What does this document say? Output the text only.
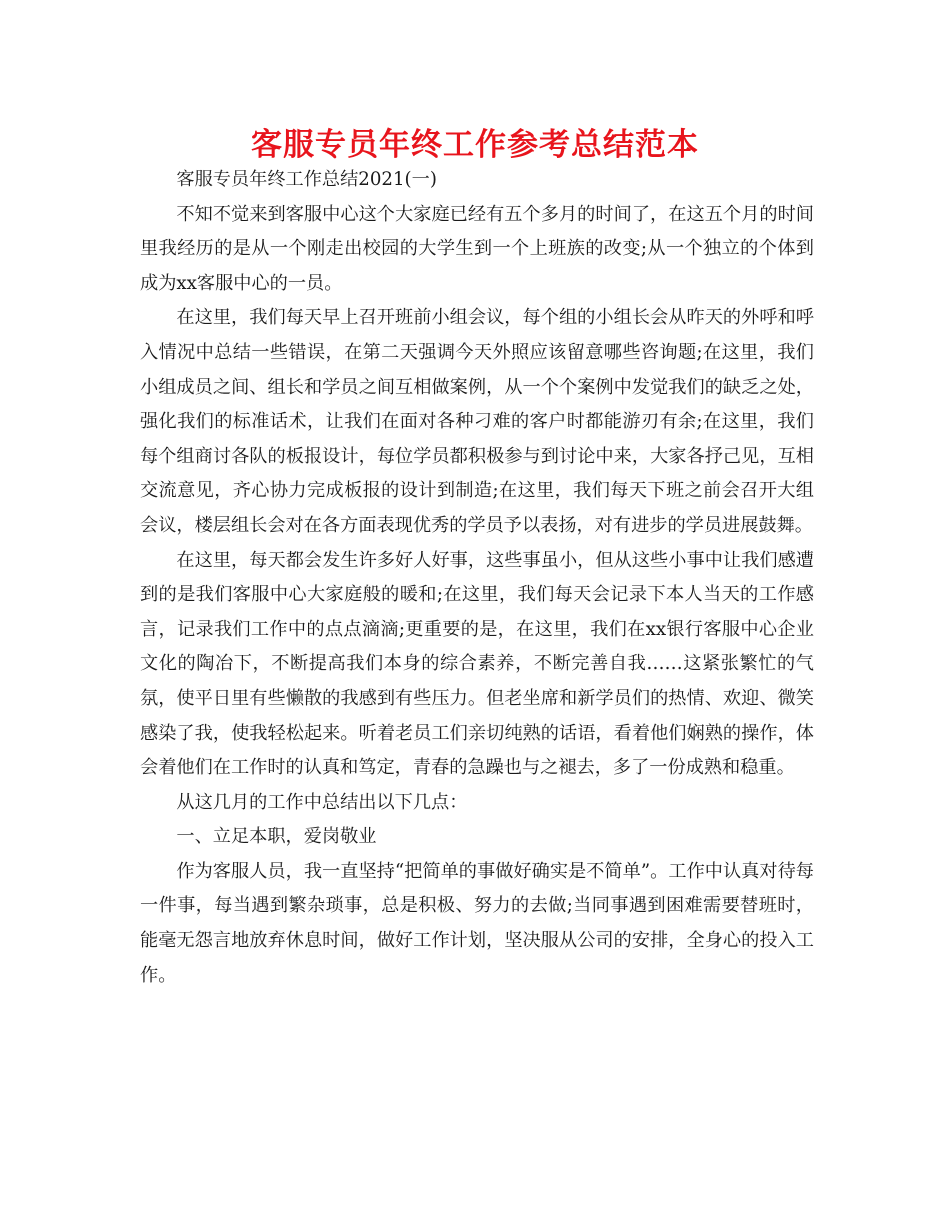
客服专员年终工作参考总结范本

客服专员年终工作总结2021(一)

不知不觉来到客服中心这个大家庭已经有五个多月的时间了，在这五个月的时间里我经历的是从一个刚走出校园的大学生到一个上班族的改变;从一个独立的个体到成为xx客服中心的一员。

在这里，我们每天早上召开班前小组会议，每个组的小组长会从昨天的外呼和呼入情况中总结一些错误，在第二天强调今天外照应该留意哪些咨询题;在这里，我们小组成员之间、组长和学员之间互相做案例，从一个个案例中发觉我们的缺乏之处，强化我们的标准话术，让我们在面对各种刁难的客户时都能游刃有余;在这里，我们每个组商讨各队的板报设计，每位学员都积极参与到讨论中来，大家各抒己见，互相交流意见，齐心协力完成板报的设计到制造;在这里，我们每天下班之前会召开大组会议，楼层组长会对在各方面表现优秀的学员予以表扬，对有进步的学员进展鼓舞。

在这里，每天都会发生许多好人好事，这些事虽小，但从这些小事中让我们感遭到的是我们客服中心大家庭般的暖和;在这里，我们每天会记录下本人当天的工作感言，记录我们工作中的点点滴滴;更重要的是，在这里，我们在xx银行客服中心企业文化的陶冶下，不断提高我们本身的综合素养，不断完善自我……这紧张繁忙的气氛，使平日里有些懒散的我感到有些压力。但老坐席和新学员们的热情、欢迎、微笑感染了我，使我轻松起来。听着老员工们亲切纯熟的话语，看着他们娴熟的操作，体会着他们在工作时的认真和笃定，青春的急躁也与之褪去，多了一份成熟和稳重。

从这几月的工作中总结出以下几点：

一、立足本职，爱岗敬业

作为客服人员，我一直坚持“把简单的事做好确实是不简单”。工作中认真对待每一件事，每当遇到繁杂琐事，总是积极、努力的去做;当同事遇到困难需要替班时，能毫无怨言地放弃休息时间，做好工作计划，坚决服从公司的安排，全身心的投入工作。
